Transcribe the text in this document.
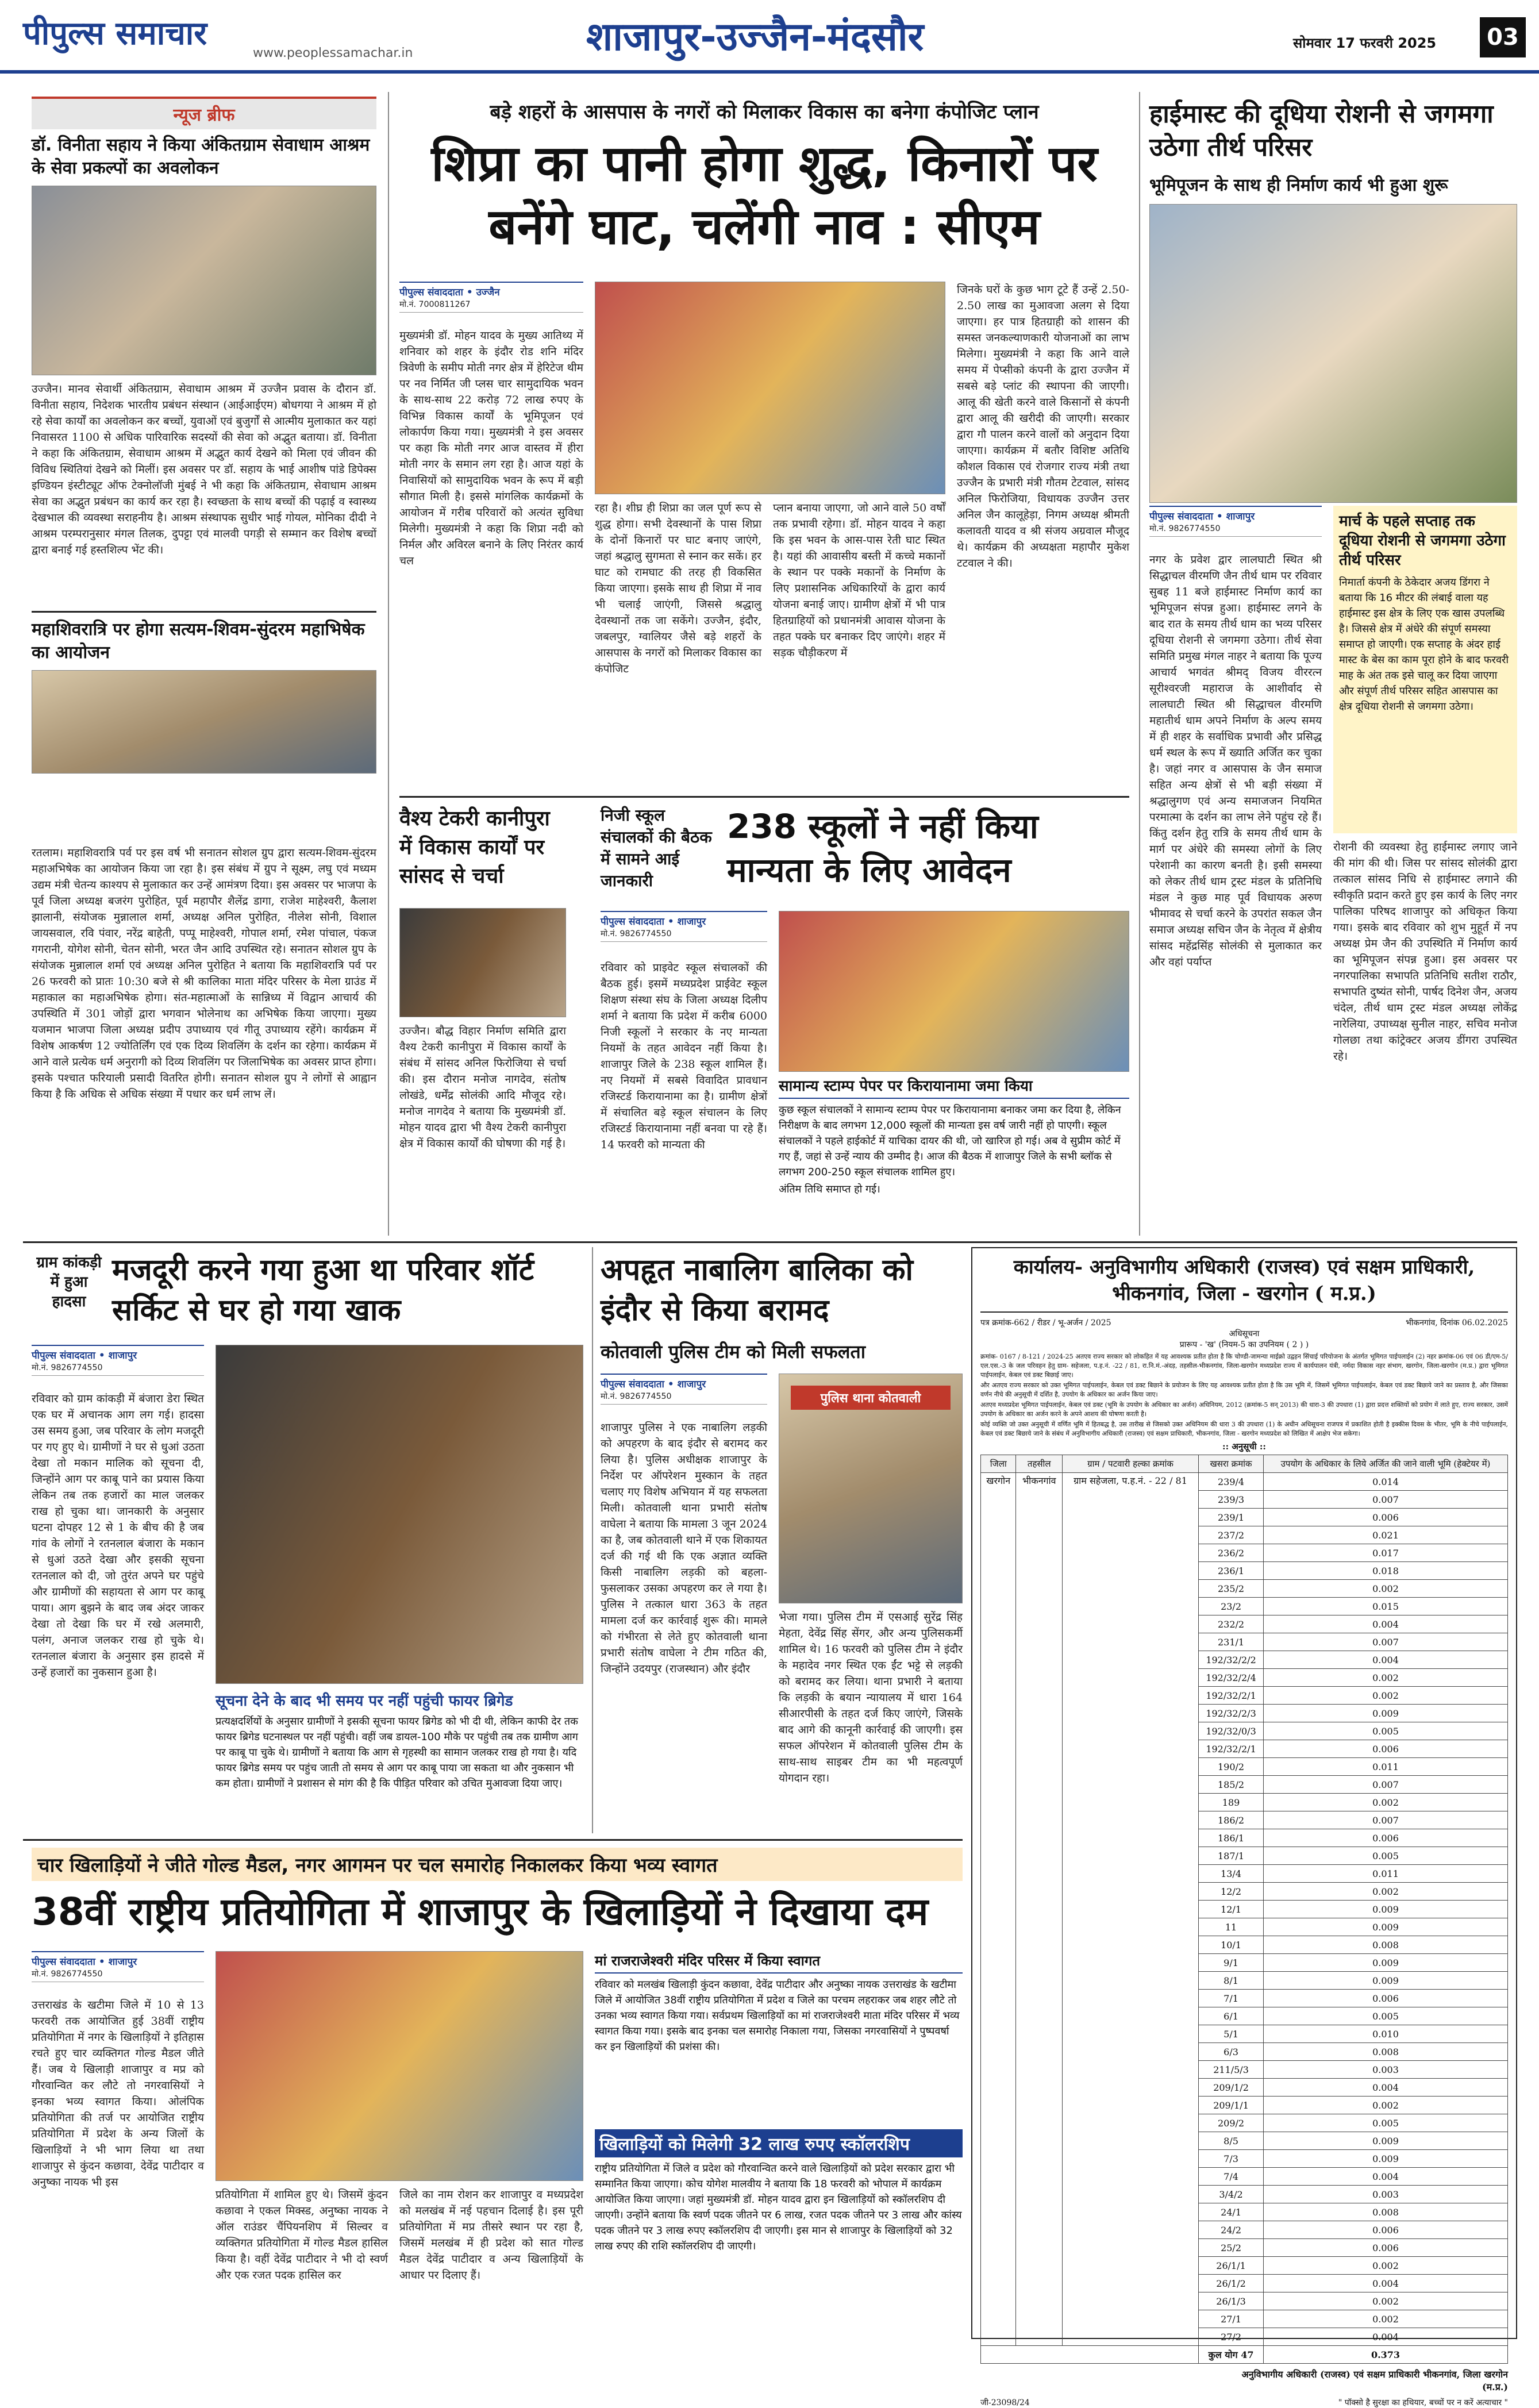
पीपुल्स समाचार
www.peoplessamachar.in	शाजापुर-उज्जैन-मंदसौर	सोमवार 17 फरवरी 2025	03
न्यूज ब्रीफ
डॉ. विनीता सहाय ने किया अंकितग्राम सेवाधाम आश्रम के सेवा प्रकल्पों का अवलोकन
उज्जैन। मानव सेवार्थी अंकितग्राम, सेवाधाम आश्रम में उज्जैन प्रवास के दौरान डॉ. विनीता सहाय, निदेशक भारतीय प्रबंधन संस्थान (आईआईएम) बोधगया ने आश्रम में हो रहे सेवा कार्यों का अवलोकन कर बच्चों, युवाओं एवं बुजुर्गों से आत्मीय मुलाकात कर यहां निवासरत 1100 से अधिक पारिवारिक सदस्यों की सेवा को अद्भुत बताया। डॉ. विनीता ने कहा कि अंकितग्राम, सेवाधाम आश्रम में अद्भुत कार्य देखने को मिला एवं जीवन की विविध स्थितियां देखने को मिलीं। इस अवसर पर डॉ. सहाय के भाई आशीष पांडे डिपेक्स इण्डियन इंस्टीट्यूट ऑफ टेक्नोलॉजी मुंबई ने भी कहा कि अंकितग्राम, सेवाधाम आश्रम सेवा का अद्भुत प्रबंधन का कार्य कर रहा है। स्वच्छता के साथ बच्चों की पढ़ाई व स्वास्थ्य देखभाल की व्यवस्था सराहनीय है। आश्रम संस्थापक सुधीर भाई गोयल, मोनिका दीदी ने आश्रम परम्परानुसार मंगल तिलक, दुपट्टा एवं मालवी पगड़ी से सम्मान कर विशेष बच्चों द्वारा बनाई गई हस्तशिल्प भेंट की।
महाशिवरात्रि पर होगा सत्यम-शिवम-सुंदरम महाभिषेक का आयोजन
रतलाम। महाशिवरात्रि पर्व पर इस वर्ष भी सनातन सोशल ग्रुप द्वारा सत्यम-शिवम-सुंदरम महाअभिषेक का आयोजन किया जा रहा है। इस संबंध में ग्रुप ने सूक्ष्म, लघु एवं मध्यम उद्यम मंत्री चेतन्य काश्यप से मुलाकात कर उन्हें आमंत्रण दिया। इस अवसर पर भाजपा के पूर्व जिला अध्यक्ष बजरंग पुरोहित, पूर्व महापौर शैलेंद्र डागा, राजेश माहेश्वरी, कैलाश झालानी, संयोजक मुन्नालाल शर्मा, अध्यक्ष अनिल पुरोहित, नीलेश सोनी, विशाल जायसवाल, रवि पंवार, नरेंद्र बाहेती, पप्पू माहेश्वरी, गोपाल शर्मा, रमेश पांचाल, पंकज गगरानी, योगेश सोनी, चेतन सोनी, भरत जैन आदि उपस्थित रहे। सनातन सोशल ग्रुप के संयोजक मुन्नालाल शर्मा एवं अध्यक्ष अनिल पुरोहित ने बताया कि महाशिवरात्रि पर्व पर 26 फरवरी को प्रातः 10:30 बजे से श्री कालिका माता मंदिर परिसर के मेला ग्राउंड में महाकाल का महाअभिषेक होगा। संत-महात्माओं के सान्निध्य में विद्वान आचार्य की उपस्थिति में 301 जोड़ों द्वारा भगवान भोलेनाथ का अभिषेक किया जाएगा। मुख्य यजमान भाजपा जिला अध्यक्ष प्रदीप उपाध्याय एवं गीतू उपाध्याय रहेंगे। कार्यक्रम में विशेष आकर्षण 12 ज्योतिर्लिंग एवं एक दिव्य शिवलिंग के दर्शन का रहेगा। कार्यक्रम में आने वाले प्रत्येक धर्म अनुरागी को दिव्य शिवलिंग पर जिलाभिषेक का अवसर प्राप्त होगा। इसके पश्चात फरियाली प्रसादी वितरित होगी। सनातन सोशल ग्रुप ने लोगों से आह्वान किया है कि अधिक से अधिक संख्या में पधार कर धर्म लाभ लें।
बड़े शहरों के आसपास के नगरों को मिलाकर विकास का बनेगा कंपोजिट प्लान
शिप्रा का पानी होगा शुद्ध, किनारों पर बनेंगे घाट, चलेंगी नाव : सीएम
पीपुल्स संवाददाता • उज्जैन
मो.नं. 7000811267
मुख्यमंत्री डॉ. मोहन यादव के मुख्य आतिथ्य में शनिवार को शहर के इंदौर रोड शनि मंदिर त्रिवेणी के समीप मोती नगर क्षेत्र में हेरिटेज थीम पर नव निर्मित जी प्लस चार सामुदायिक भवन के साथ-साथ 22 करोड़ 72 लाख रुपए के विभिन्न विकास कार्यों के भूमिपूजन एवं लोकार्पण किया गया। मुख्यमंत्री ने इस अवसर पर कहा कि मोती नगर आज वास्तव में हीरा मोती नगर के समान लग रहा है। आज यहां के निवासियों को सामुदायिक भवन के रूप में बड़ी सौगात मिली है। इससे मांगलिक कार्यक्रमों के आयोजन में गरीब परिवारों को अत्यंत सुविधा मिलेगी। मुख्यमंत्री ने कहा कि शिप्रा नदी को निर्मल और अविरल बनाने के लिए निरंतर कार्य चल
रहा है। शीघ्र ही शिप्रा का जल पूर्ण रूप से शुद्ध होगा। सभी देवस्थानों के पास शिप्रा के दोनों किनारों पर घाट बनाए जाएंगे, जहां श्रद्धालु सुगमता से स्नान कर सकें। हर घाट को रामघाट की तरह ही विकसित किया जाएगा। इसके साथ ही शिप्रा में नाव भी चलाई जाएंगी, जिससे श्रद्धालु देवस्थानों तक जा सकेंगे। उज्जैन, इंदौर, जबलपुर, ग्वालियर जैसे बड़े शहरों के आसपास के नगरों को मिलाकर विकास का कंपोजिट
प्लान बनाया जाएगा, जो आने वाले 50 वर्षों तक प्रभावी रहेगा। डॉ. मोहन यादव ने कहा कि इस भवन के आस-पास रेती घाट स्थित है। यहां की आवासीय बस्ती में कच्चे मकानों के स्थान पर पक्के मकानों के निर्माण के लिए प्रशासनिक अधिकारियों के द्वारा कार्य योजना बनाई जाए। ग्रामीण क्षेत्रों में भी पात्र हितग्राहियों को प्रधानमंत्री आवास योजना के तहत पक्के घर बनाकर दिए जाएंगे। शहर में सड़क चौड़ीकरण में
जिनके घरों के कुछ भाग टूटे हैं उन्हें 2.50-2.50 लाख का मुआवजा अलग से दिया जाएगा। हर पात्र हितग्राही को शासन की समस्त जनकल्याणकारी योजनाओं का लाभ मिलेगा। मुख्यमंत्री ने कहा कि आने वाले समय में पेप्सीको कंपनी के द्वारा उज्जैन में सबसे बड़े प्लांट की स्थापना की जाएगी। आलू की खेती करने वाले किसानों से कंपनी द्वारा आलू की खरीदी की जाएगी। सरकार द्वारा गौ पालन करने वालों को अनुदान दिया जाएगा। कार्यक्रम में बतौर विशिष्ट अतिथि कौशल विकास एवं रोजगार राज्य मंत्री तथा उज्जैन के प्रभारी मंत्री गौतम टेटवाल, सांसद अनिल फिरोजिया, विधायक उज्जैन उत्तर अनिल जैन कालूहेड़ा, निगम अध्यक्ष श्रीमती कलावती यादव व श्री संजय अग्रवाल मौजूद थे। कार्यक्रम की अध्यक्षता महापौर मुकेश टटवाल ने की।
हाईमास्ट की दूधिया रोशनी से जगमगा उठेगा तीर्थ परिसर
भूमिपूजन के साथ ही निर्माण कार्य भी हुआ शुरू
पीपुल्स संवाददाता • शाजापुर
मो.नं. 9826774550
नगर के प्रवेश द्वार लालघाटी स्थित श्री सिद्धाचल वीरमणि जैन तीर्थ धाम पर रविवार सुबह 11 बजे हाईमास्ट निर्माण कार्य का भूमिपूजन संपन्न हुआ। हाईमास्ट लगने के बाद रात के समय तीर्थ धाम का भव्य परिसर दूधिया रोशनी से जगमगा उठेगा। तीर्थ सेवा समिति प्रमुख मंगल नाहर ने बताया कि पूज्य आचार्य भगवंत श्रीमद् विजय वीररत्न सूरीश्वरजी महाराज के आशीर्वाद से लालघाटी स्थित श्री सिद्धाचल वीरमणि महातीर्थ धाम अपने निर्माण के अल्प समय में ही शहर के सर्वाधिक प्रभावी और प्रसिद्ध धर्म स्थल के रूप में ख्याति अर्जित कर चुका है। जहां नगर व आसपास के जैन समाज सहित अन्य क्षेत्रों से भी बड़ी संख्या में श्रद्धालुगण एवं अन्य समाजजन नियमित परमात्मा के दर्शन का लाभ लेने पहुंच रहे हैं। किंतु दर्शन हेतु रात्रि के समय तीर्थ धाम के मार्ग पर अंधेरे की समस्या लोगों के लिए परेशानी का कारण बनती है। इसी समस्या को लेकर तीर्थ धाम ट्रस्ट मंडल के प्रतिनिधि मंडल ने कुछ माह पूर्व विधायक अरुण भीमावद से चर्चा करने के उपरांत सकल जैन समाज अध्यक्ष सचिन जैन के नेतृत्व में क्षेत्रीय सांसद महेंद्रसिंह सोलंकी से मुलाकात कर और वहां पर्याप्त
मार्च के पहले सप्ताह तक दूधिया रोशनी से जगमगा उठेगा तीर्थ परिसर
निमार्ता कंपनी के ठेकेदार अजय डिंगरा ने बताया कि 16 मीटर की लंबाई वाला यह हाईमास्ट इस क्षेत्र के लिए एक खास उपलब्धि है। जिससे क्षेत्र में अंधेरे की संपूर्ण समस्या समाप्त हो जाएगी। एक सप्ताह के अंदर हाई मास्ट के बेस का काम पूरा होने के बाद फरवरी माह के अंत तक इसे चालू कर दिया जाएगा और संपूर्ण तीर्थ परिसर सहित आसपास का क्षेत्र दूधिया रोशनी से जगमगा उठेगा।
रोशनी की व्यवस्था हेतु हाईमास्ट लगाए जाने की मांग की थी। जिस पर सांसद सोलंकी द्वारा तत्काल सांसद निधि से हाईमास्ट लगाने की स्वीकृति प्रदान करते हुए इस कार्य के लिए नगर पालिका परिषद शाजापुर को अधिकृत किया गया। इसके बाद रविवार को शुभ मुहूर्त में नप अध्यक्ष प्रेम जैन की उपस्थिति में निर्माण कार्य का भूमिपूजन संपन्न हुआ। इस अवसर पर नगरपालिका सभापति प्रतिनिधि सतीश राठौर, सभापति दुष्यंत सोनी, पार्षद दिनेश जैन, अजय चंदेल, तीर्थ धाम ट्रस्ट मंडल अध्यक्ष लोकेंद्र नारेलिया, उपाध्यक्ष सुनील नाहर, सचिव मनोज गोलछा तथा कांट्रेक्टर अजय डींगरा उपस्थित रहे।
वैश्य टेकरी कानीपुरा में विकास कार्यों पर सांसद से चर्चा
उज्जैन। बौद्ध विहार निर्माण समिति द्वारा वैश्य टेकरी कानीपुरा में विकास कार्यों के संबंध में सांसद अनिल फिरोजिया से चर्चा की। इस दौरान मनोज नागदेव, संतोष लोखंडे, धर्मेंद्र सोलंकी आदि मौजूद रहे। मनोज नागदेव ने बताया कि मुख्यमंत्री डॉ. मोहन यादव द्वारा भी वैश्य टेकरी कानीपुरा क्षेत्र में विकास कार्यों की घोषणा की गई है।
निजी स्कूल संचालकों की बैठक में सामने आई जानकारी
238 स्कूलों ने नहीं किया मान्यता के लिए आवेदन
पीपुल्स संवाददाता • शाजापुर
मो.नं. 9826774550
रविवार को प्राइवेट स्कूल संचालकों की बैठक हुई। इसमें मध्यप्रदेश प्राईवेट स्कूल शिक्षण संस्था संघ के जिला अध्यक्ष दिलीप शर्मा ने बताया कि प्रदेश में करीब 6000 निजी स्कूलों ने सरकार के नए मान्यता नियमों के तहत आवेदन नहीं किया है। शाजापुर जिले के 238 स्कूल शामिल हैं। नए नियमों में सबसे विवादित प्रावधान रजिस्टर्ड किरायानामा का है। ग्रामीण क्षेत्रों में संचालित बड़े स्कूल संचालन के लिए रजिस्टर्ड किरायानामा नहीं बनवा पा रहे हैं। 14 फरवरी को मान्यता की
सामान्य स्टाम्प पेपर पर किरायानामा जमा किया
कुछ स्कूल संचालकों ने सामान्य स्टाम्प पेपर पर किरायानामा बनाकर जमा कर दिया है, लेकिन निरीक्षण के बाद लगभग 12,000 स्कूलों की मान्यता इस वर्ष जारी नहीं हो पाएगी। स्कूल संचालकों ने पहले हाईकोर्ट में याचिका दायर की थी, जो खारिज हो गई। अब वे सुप्रीम कोर्ट में गए हैं, जहां से उन्हें न्याय की उम्मीद है। आज की बैठक में शाजापुर जिले के सभी ब्लॉक से लगभग 200-250 स्कूल संचालक शामिल हुए।
अंतिम तिथि समाप्त हो गई।
ग्राम कांकड़ी में हुआ हादसा
मजदूरी करने गया हुआ था परिवार शॉर्ट सर्किट से घर हो गया खाक
पीपुल्स संवाददाता • शाजापुर
मो.नं. 9826774550
रविवार को ग्राम कांकड़ी में बंजारा डेरा स्थित एक घर में अचानक आग लग गई। हादसा उस समय हुआ, जब परिवार के लोग मजदूरी पर गए हुए थे। ग्रामीणों ने घर से धुआं उठता देखा तो मकान मालिक को सूचना दी, जिन्होंने आग पर काबू पाने का प्रयास किया लेकिन तब तक हजारों का माल जलकर राख हो चुका था। जानकारी के अनुसार घटना दोपहर 12 से 1 के बीच की है जब गांव के लोगों ने रतनलाल बंजारा के मकान से धुआं उठते देखा और इसकी सूचना रतनलाल को दी, जो तुरंत अपने घर पहुंचे और ग्रामीणों की सहायता से आग पर काबू पाया। आग बुझने के बाद जब अंदर जाकर देखा तो देखा कि घर में रखे अलमारी, पलंग, अनाज जलकर राख हो चुके थे। रतनलाल बंजारा के अनुसार इस हादसे में उन्हें हजारों का नुकसान हुआ है।
सूचना देने के बाद भी समय पर नहीं पहुंची फायर ब्रिगेड
प्रत्यक्षदर्शियों के अनुसार ग्रामीणों ने इसकी सूचना फायर ब्रिगेड को भी दी थी, लेकिन काफी देर तक फायर ब्रिगेड घटनास्थल पर नहीं पहुंची। वहीं जब डायल-100 मौके पर पहुंची तब तक ग्रामीण आग पर काबू पा चुके थे। ग्रामीणों ने बताया कि आग से गृहस्थी का सामान जलकर राख हो गया है। यदि फायर ब्रिगेड समय पर पहुंच जाती तो समय से आग पर काबू पाया जा सकता था और नुकसान भी कम होता। ग्रामीणों ने प्रशासन से मांग की है कि पीड़ित परिवार को उचित मुआवजा दिया जाए।
अपहृत नाबालिग बालिका को इंदौर से किया बरामद
कोतवाली पुलिस टीम को मिली सफलता
पीपुल्स संवाददाता • शाजापुर
मो.नं. 9826774550
शाजापुर पुलिस ने एक नाबालिग लड़की को अपहरण के बाद इंदौर से बरामद कर लिया है। पुलिस अधीक्षक शाजापुर के निर्देश पर ऑपरेशन मुस्कान के तहत चलाए गए विशेष अभियान में यह सफलता मिली। कोतवाली थाना प्रभारी संतोष वाघेला ने बताया कि मामला 3 जून 2024 का है, जब कोतवाली थाने में एक शिकायत दर्ज की गई थी कि एक अज्ञात व्यक्ति किसी नाबालिग लड़की को बहला-फुसलाकर उसका अपहरण कर ले गया है। पुलिस ने तत्काल धारा 363 के तहत मामला दर्ज कर कार्रवाई शुरू की। मामले को गंभीरता से लेते हुए कोतवाली थाना प्रभारी संतोष वाघेला ने टीम गठित की, जिन्होंने उदयपुर (राजस्थान) और इंदौर
पुलिस थाना कोतवाली
भेजा गया। पुलिस टीम में एसआई सुरेंद्र सिंह मेहता, देवेंद्र सिंह सेंगर, और अन्य पुलिसकर्मी शामिल थे। 16 फरवरी को पुलिस टीम ने इंदौर के महादेव नगर स्थित एक ईंट भट्टे से लड़की को बरामद कर लिया। थाना प्रभारी ने बताया कि लड़की के बयान न्यायालय में धारा 164 सीआरपीसी के तहत दर्ज किए जाएंगे, जिसके बाद आगे की कानूनी कार्रवाई की जाएगी। इस सफल ऑपरेशन में कोतवाली पुलिस टीम के साथ-साथ साइबर टीम का भी महत्वपूर्ण योगदान रहा।
कार्यालय- अनुविभागीय अधिकारी (राजस्व) एवं सक्षम प्राधिकारी, भीकनगांव, जिला - खरगोन ( म.प्र.)
पत्र क्रमांक-662 / रीडर / भू-अर्जन / 2025	भीकनगांव, दिनांक 06.02.2025
अधिसूचना
प्रारूप - 'ख' (नियम-5 का उपनियम ( 2 ) )
क्रमांक- 0167 / 8-121 / 2024-25 अतएव राज्य सरकार को लोकहित में यह आवश्यक प्रतीत होता है कि चोण्डी-जामन्या माईक्रो उद्वहन सिंचाई परियोजना के अंतर्गत भूमिगत पाईपलाईन (2) नहर क्रमांक-06 एवं 06 डी/एम-5/एल.एस.-3 के जल परिवहन हेतु ग्राम- सहेजला, प.ह.नं. -22 / 81, रा.नि.मं.-अंदड़, तहसील-भीकनगांव, जिला-खरगोन मध्यप्रदेश राज्य में कार्यपालन यंत्री, नर्मदा विकास नहर संभाग, खरगोन, जिला-खरगोन (म.प्र.) द्वारा भूमिगत पाईपलाईन, केबल एवं डक्ट बिछाई जाए।
और अतएव राज्य सरकार को उक्त भूमिगत पाईपलाईन, केबल एवं डक्ट बिछाने के प्रयोजन के लिए यह आवश्यक प्रतीत होता है कि उस भूमि में, जिसमें भूमिगत पाईपलाईन, केबल एवं डक्ट बिछाये जाने का प्रस्ताव है, और जिसका वर्णन नीचे की अनुसूची में दर्शित है, उपयोग के अधिकार का अर्जन किया जाए।
अतएव मध्यप्रदेश भूमिगत पाईपलाईन, केबल एवं डक्ट (भूमि के उपयोग के अधिकार का अर्जन) अधिनियम, 2012 (क्रमांक-5 सन् 2013) की धारा-3 की उपधारा (1) द्वारा प्रदत्त शक्तियों को प्रयोग में लाते हुए, राज्य सरकार, उसमें उपयोग के अधिकार का अर्जन करने के अपने आशय की घोषणा करती है।
कोई व्यक्ति जो उक्त अनुसूची में वर्णित भूमि में हितबद्ध है, उस तारीख से जिसको उक्त अधिनियम की धारा 3 की उपधारा (1) के अधीन अधिसूचना राजपत्र में प्रकाशित होती है इक्कीस दिवस के भीतर, भूमि के नीचे पाईपलाईन, केबल एवं डक्ट बिछाये जाने के संबंध में अनुविभागीय अधिकारी (राजस्व) एवं सक्षम प्राधिकारी, भीकनगांव, जिला - खरगोन मध्यप्रदेश को लिखित में आक्षेप भेज सकेगा।
:: अनुसूची ::
जिला	तहसील	ग्राम / पटवारी हल्का क्रमांक	खसरा क्रमांक	उपयोग के अधिकार के लिये अर्जित की जाने वाली भूमि (हेक्टेयर में)
खरगोन	भीकनगांव	ग्राम सहेजला, प.ह.नं. - 22 / 81	239/4	0.014
			239/3	0.007
			239/1	0.006
			237/2	0.021
			236/2	0.017
			236/1	0.018
			235/2	0.002
			23/2	0.015
			232/2	0.004
			231/1	0.007
			192/32/2/2	0.004
			192/32/2/4	0.002
			192/32/2/1	0.002
			192/32/2/3	0.009
			192/32/0/3	0.005
			192/32/2/1	0.006
			190/2	0.011
			185/2	0.007
			189	0.002
			186/2	0.007
			186/1	0.006
			187/1	0.005
			13/4	0.011
			12/2	0.002
			12/1	0.009
			11	0.009
			10/1	0.008
			9/1	0.009
			8/1	0.009
			7/1	0.006
			6/1	0.005
			5/1	0.010
			6/3	0.008
			211/5/3	0.003
			209/1/2	0.004
			209/1/1	0.002
			209/2	0.005
			8/5	0.009
			7/3	0.009
			7/4	0.004
			3/4/2	0.003
			24/1	0.008
			24/2	0.006
			25/2	0.006
			26/1/1	0.002
			26/1/2	0.004
			26/1/3	0.002
			27/1	0.002
			27/2	0.004
			कुल योग 47	0.373
अनुविभागीय अधिकारी (राजस्व) एवं सक्षम प्राधिकारी भीकनगांव, जिला खरगोन (म.प्र.)
जी-23098/24	" पॉक्सो है सुरक्षा का हथियार, बच्चों पर न करें अत्याचार "
चार खिलाड़ियों ने जीते गोल्ड मैडल, नगर आगमन पर चल समारोह निकालकर किया भव्य स्वागत
38वीं राष्ट्रीय प्रतियोगिता में शाजापुर के खिलाड़ियों ने दिखाया दम
पीपुल्स संवाददाता • शाजापुर
मो.नं. 9826774550
उत्तराखंड के खटीमा जिले में 10 से 13 फरवरी तक आयोजित हुई 38वीं राष्ट्रीय प्रतियोगिता में नगर के खिलाड़ियों ने इतिहास रचते हुए चार व्यक्तिगत गोल्ड मैडल जीते हैं। जब ये खिलाड़ी शाजापुर व मप्र को गौरवान्वित कर लौटे तो नगरवासियों ने इनका भव्य स्वागत किया। ओलंपिक प्रतियोगिता की तर्ज पर आयोजित राष्ट्रीय प्रतियोगिता में प्रदेश के अन्य जिलों के खिलाड़ियों ने भी भाग लिया था तथा शाजापुर से कुंदन कछावा, देवेंद्र पाटीदार व अनुष्का नायक भी इस
प्रतियोगिता में शामिल हुए थे। जिसमें कुंदन कछावा ने एकल मिक्स्ड, अनुष्का नायक ने ऑल राउंडर चैंपियनशिप में सिल्वर व व्यक्तिगत प्रतियोगिता में गोल्ड मैडल हासिल किया है। वहीं देवेंद्र पाटीदार ने भी दो स्वर्ण और एक रजत पदक हासिल कर
जिले का नाम रोशन कर शाजापुर व मध्यप्रदेश को मलखंब में नई पहचान दिलाई है। इस पूरी प्रतियोगिता में मप्र तीसरे स्थान पर रहा है, जिसमें मलखंब में ही प्रदेश को सात गोल्ड मैडल देवेंद्र पाटीदार व अन्य खिलाड़ियों के आधार पर दिलाए हैं।
मां राजराजेश्वरी मंदिर परिसर में किया स्वागत
रविवार को मलखंब खिलाड़ी कुंदन कछावा, देवेंद्र पाटीदार और अनुष्का नायक उत्तराखंड के खटीमा जिले में आयोजित 38वीं राष्ट्रीय प्रतियोगिता में प्रदेश व जिले का परचम लहराकर जब शहर लौटे तो उनका भव्य स्वागत किया गया। सर्वप्रथम खिलाड़ियों का मां राजराजेश्वरी माता मंदिर परिसर में भव्य स्वागत किया गया। इसके बाद इनका चल समारोह निकाला गया, जिसका नगरवासियों ने पुष्पवर्षा कर इन खिलाड़ियों की प्रशंसा की।
खिलाड़ियों को मिलेगी 32 लाख रुपए स्कॉलरशिप
राष्ट्रीय प्रतियोगिता में जिले व प्रदेश को गौरवान्वित करने वाले खिलाड़ियों को प्रदेश सरकार द्वारा भी सम्मानित किया जाएगा। कोच योगेश मालवीय ने बताया कि 18 फरवरी को भोपाल में कार्यक्रम आयोजित किया जाएगा। जहां मुख्यमंत्री डॉ. मोहन यादव द्वारा इन खिलाड़ियों को स्कॉलरशिप दी जाएगी। उन्होंने बताया कि स्वर्ण पदक जीतने पर 6 लाख, रजत पदक जीतने पर 3 लाख और कांस्य पदक जीतने पर 3 लाख रुपए स्कॉलरशिप दी जाएगी। इस मान से शाजापुर के खिलाड़ियों को 32 लाख रुपए की राशि स्कॉलरशिप दी जाएगी।
